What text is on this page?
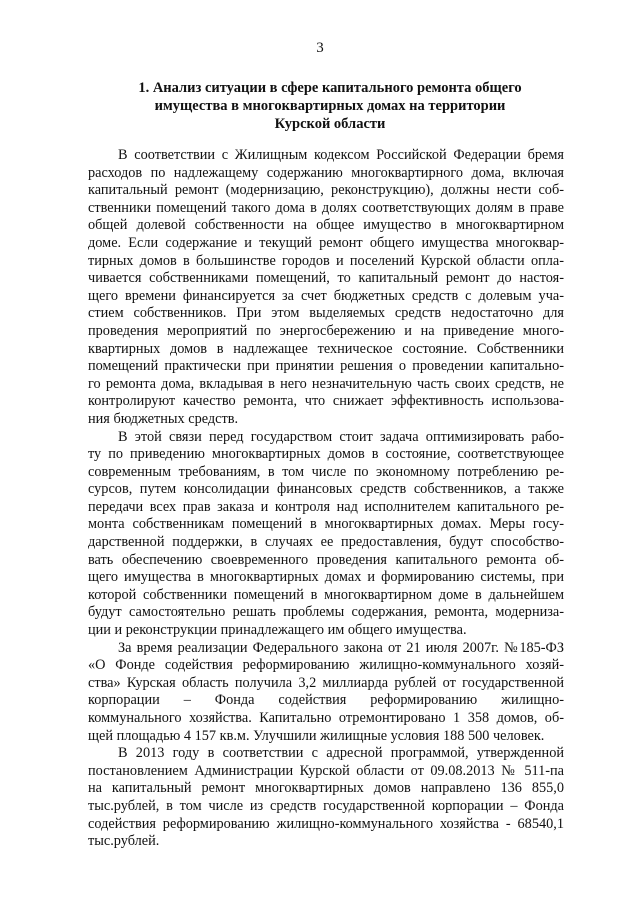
3
1. Анализ ситуации в сфере капитального ремонта общего
имущества в многоквартирных домах на территории
Курской области
В соответствии с Жилищным кодексом Российской Федерации бремя
расходов по надлежащему содержанию многоквартирного дома, включая
капитальный ремонт (модернизацию, реконструкцию), должны нести соб-
ственники помещений такого дома в долях соответствующих долям в праве
общей долевой собственности на общее имущество в многоквартирном
доме. Если содержание и текущий ремонт общего имущества многоквар-
тирных домов в большинстве городов и поселений Курской области опла-
чивается собственниками помещений, то капитальный ремонт до настоя-
щего времени финансируется за счет бюджетных средств с долевым уча-
стием собственников. При этом выделяемых средств недостаточно для
проведения мероприятий по энергосбережению и на приведение много-
квартирных домов в надлежащее техническое состояние. Собственники
помещений практически при принятии решения о проведении капитально-
го ремонта дома, вкладывая в него незначительную часть своих средств, не
контролируют качество ремонта, что снижает эффективность использова-
ния бюджетных средств.
В этой связи перед государством стоит задача оптимизировать рабо-
ту по приведению многоквартирных домов в состояние, соответствующее
современным требованиям, в том числе по экономному потреблению ре-
сурсов, путем консолидации финансовых средств собственников, а также
передачи всех прав заказа и контроля над исполнителем капитального ре-
монта собственникам помещений в многоквартирных домах. Меры госу-
дарственной поддержки, в случаях ее предоставления, будут способство-
вать обеспечению своевременного проведения капитального ремонта об-
щего имущества в многоквартирных домах и формированию системы, при
которой собственники помещений в многоквартирном доме в дальнейшем
будут самостоятельно решать проблемы содержания, ремонта, модерниза-
ции и реконструкции принадлежащего им общего имущества.
За время реализации Федерального закона от 21 июля 2007г. №185-ФЗ
«О Фонде содействия реформированию жилищно-коммунального хозяй-
ства» Курская область получила 3,2 миллиарда рублей от государственной
корпорации – Фонда содействия реформированию жилищно-
коммунального хозяйства. Капитально отремонтировано 1 358 домов, об-
щей площадью 4 157 кв.м. Улучшили жилищные условия 188 500 человек.
В 2013 году в соответствии с адресной программой, утвержденной
постановлением Администрации Курской области от 09.08.2013 № 511-па
на капитальный ремонт многоквартирных домов направлено 136 855,0
тыс.рублей, в том числе из средств государственной корпорации – Фонда
содействия реформированию жилищно-коммунального хозяйства - 68540,1
тыс.рублей.
